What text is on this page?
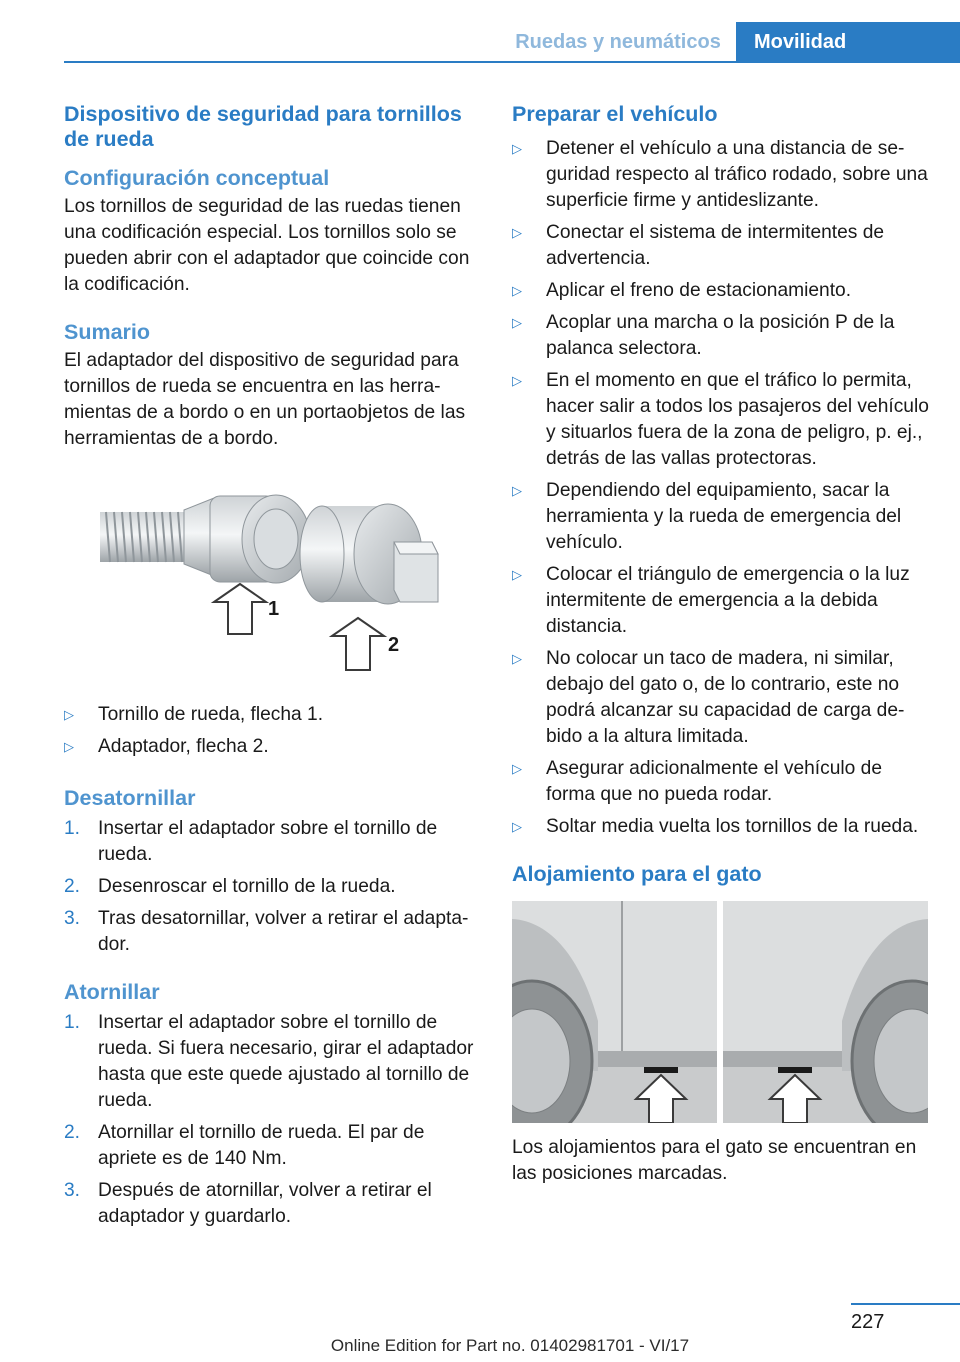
Ruedas y neumáticos	Movilidad
Dispositivo de seguridad para tornillos de rueda
Configuración conceptual

Los tornillos de seguridad de las ruedas tienen una codificación especial. Los tornillos solo se pueden abrir con el adaptador que coincide con la codificación.

Sumario

El adaptador del dispositivo de seguridad para tornillos de rueda se encuentra en las herramientas de a bordo o en un portaobjetos de las herramientas de a bordo.

1
2
▷	Tornillo de rueda, flecha 1.
▷	Adaptador, flecha 2.
Desatornillar
1. Insertar el adaptador sobre el tornillo de rueda.
2. Desenroscar el tornillo de la rueda.
3. Tras desatornillar, volver a retirar el adaptador.
Atornillar
1. Insertar el adaptador sobre el tornillo de rueda. Si fuera necesario, girar el adaptador hasta que este quede ajustado al tornillo de rueda.
2. Atornillar el tornillo de rueda. El par de apriete es de 140 Nm.
3. Después de atornillar, volver a retirar el adaptador y guardarlo.
Preparar el vehículo
▷	Detener el vehículo a una distancia de seguridad respecto al tráfico rodado, sobre una superficie firme y antideslizante.
▷	Conectar el sistema de intermitentes de advertencia.
▷	Aplicar el freno de estacionamiento.
▷	Acoplar una marcha o la posición P de la palanca selectora.
▷	En el momento en que el tráfico lo permita, hacer salir a todos los pasajeros del vehículo y situarlos fuera de la zona de peligro, p. ej., detrás de las vallas protectoras.
▷	Dependiendo del equipamiento, sacar la herramienta y la rueda de emergencia del vehículo.
▷	Colocar el triángulo de emergencia o la luz intermitente de emergencia a la debida distancia.
▷	No colocar un taco de madera, ni similar, debajo del gato o, de lo contrario, este no podrá alcanzar su capacidad de carga debido a la altura limitada.
▷	Asegurar adicionalmente el vehículo de forma que no pueda rodar.
▷	Soltar media vuelta los tornillos de la rueda.
Alojamiento para el gato

Los alojamientos para el gato se encuentran en las posiciones marcadas.

227
Online Edition for Part no. 01402981701 - VI/17
